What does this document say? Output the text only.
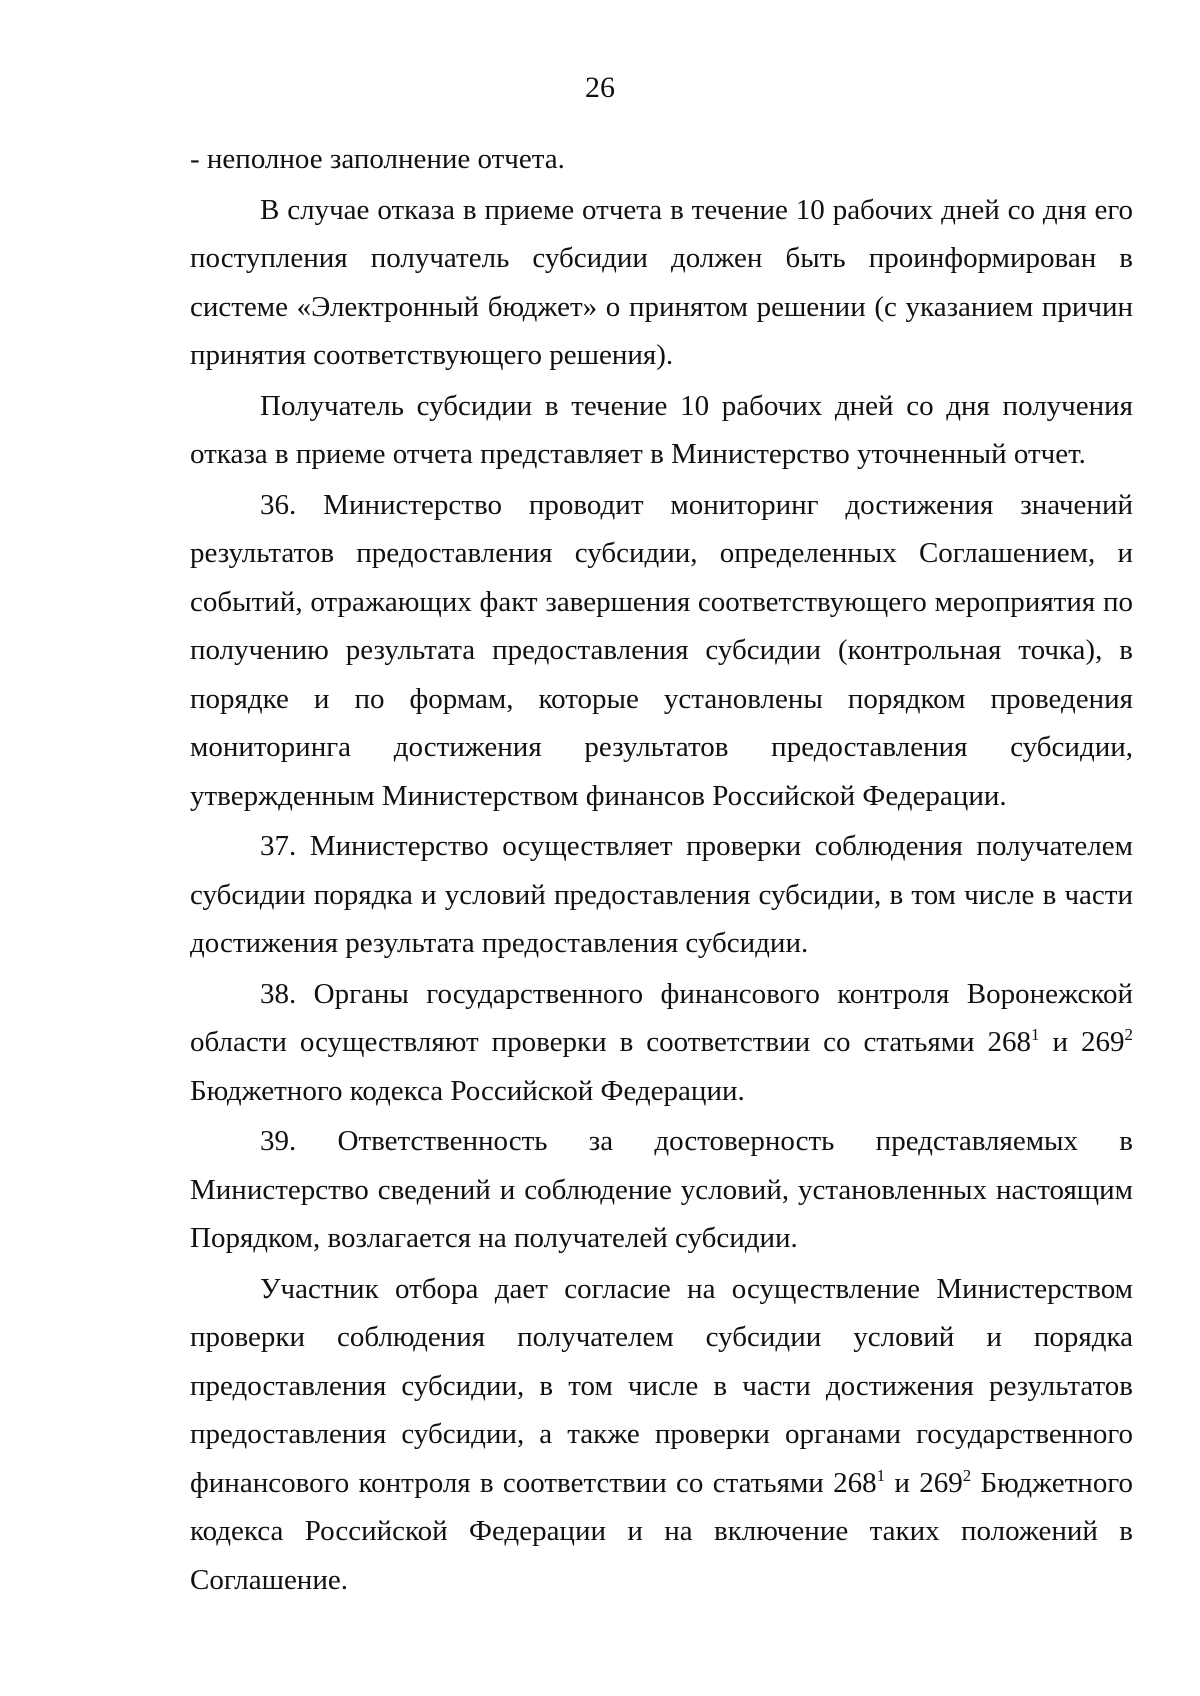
26

- неполное заполнение отчета.

В случае отказа в приеме отчета в течение 10 рабочих дней со дня его поступления получатель субсидии должен быть проинформирован в системе «Электронный бюджет» о принятом решении (с указанием причин принятия соответствующего решения).

Получатель субсидии в течение 10 рабочих дней со дня получения отказа в приеме отчета представляет в Министерство уточненный отчет.

36. Министерство проводит мониторинг достижения значений результатов предоставления субсидии, определенных Соглашением, и событий, отражающих факт завершения соответствующего мероприятия по получению результата предоставления субсидии (контрольная точка), в порядке и по формам, которые установлены порядком проведения мониторинга достижения результатов предоставления субсидии, утвержденным Министерством финансов Российской Федерации.

37. Министерство осуществляет проверки соблюдения получателем субсидии порядка и условий предоставления субсидии, в том числе в части достижения результата предоставления субсидии.

38. Органы государственного финансового контроля Воронежской области осуществляют проверки в соответствии со статьями $268^1$ и $269^2$ Бюджетного кодекса Российской Федерации.

39. Ответственность за достоверность представляемых в Министерство сведений и соблюдение условий, установленных настоящим Порядком, возлагается на получателей субсидии.

Участник отбора дает согласие на осуществление Министерством проверки соблюдения получателем субсидии условий и порядка предоставления субсидии, в том числе в части достижения результатов предоставления субсидии, а также проверки органами государственного финансового контроля в соответствии со статьями $268^1$ и $269^2$ Бюджетного кодекса Российской Федерации и на включение таких положений в Соглашение.
